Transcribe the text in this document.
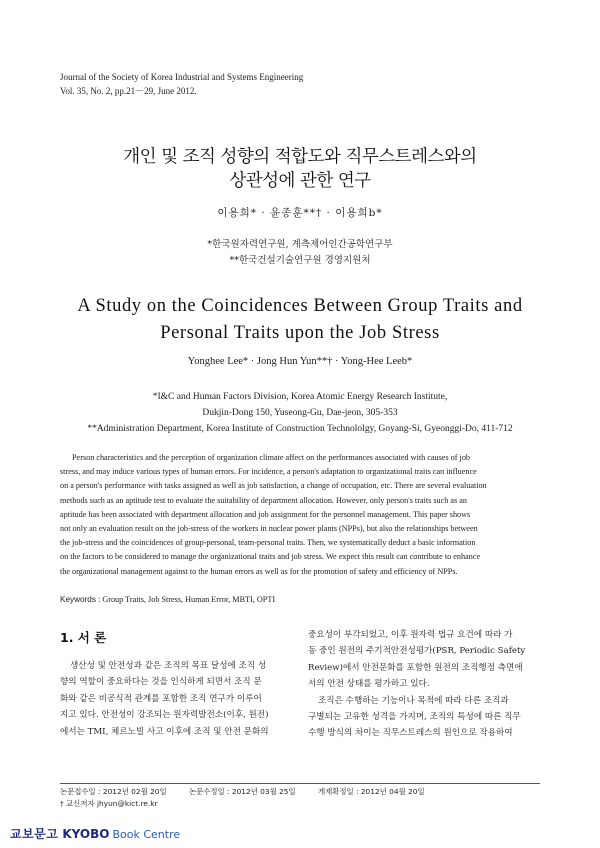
Journal of the Society of Korea Industrial and Systems Engineering
Vol. 35, No. 2, pp.21－29, June 2012.
개인 및 조직 성향의 적합도와 직무스트레스와의
상관성에 관한 연구
이용희* · 윤종훈**† · 이용희b*
*한국원자력연구원, 계측제어인간공학연구부
**한국건설기술연구원 경영지원처
A Study on the Coincidences Between Group Traits and
Personal Traits upon the Job Stress
Yonghee Lee* · Jong Hun Yun**† · Yong-Hee Leeb*
*I&C and Human Factors Division, Korea Atomic Energy Research Institute,
Dukjin-Dong 150, Yuseong-Gu, Dae-jeon, 305-353
**Administration Department, Korea Institute of Construction Technololgy, Goyang-Si, Gyeonggi-Do, 411-712
Person characteristics and the perception of organization climate affect on the performances associated with causes of job
stress, and may induce various types of human errors. For incidence, a person's adaptation to organizational traits can influence
on a person's performance with tasks assigned as well as job satisfaction, a change of occupation, etc. There are several evaluation
methods such as an aptitude test to evaluate the suitability of department allocation. However, only person's traits such as an
aptitude has been associated with department allocation and job assignment for the personnel management. This paper shows
not only an evaluation result on the job-stress of the workers in nuclear power plants (NPPs), but also the relationships between
the job-stress and the coincidences of group-personal, team-personal traits. Then, we systematically deduct a basic information
on the factors to be considered to manage the organizational traits and job stress. We expect this result can contribute to enhance
the organizational management against to the human errors as well as for the promotion of safety and efficiency of NPPs.
Keywords : Group Traits, Job Stress, Human Error, MBTI, OPTI
1. 서 론
생산성 및 안전성과 같은 조직의 목표 달성에 조직 성
향의 역할이 중요하다는 것을 인식하게 되면서 조직 문
화와 같은 비공식적 관계를 포함한 조직 연구가 이루어
지고 있다. 안전성이 강조되는 원자력발전소(이후, 원전)
에서는 TMI, 체르노빌 사고 이후에 조직 및 안전 문화의
중요성이 부각되었고, 이후 원자력 법규 요건에 따라 가
동 중인 원전의 주기적안전성평가(PSR, Periodic Safety
Review)에서 안전문화를 포함한 원전의 조직행정 측면에
서의 안전 상태를 평가하고 있다.
조직은 수행하는 기능이나 목적에 따라 다른 조직과
구별되는 고유한 성격을 가지며, 조직의 특성에 따른 직무
수행 방식의 차이는 직무스트레스의 원인으로 작용하여
논문접수일 : 2012년 02월 20일	논문수정일 : 2012년 03월 25일	게재확정일 : 2012년 04월 20일
† 교신저자 jhyun@kict.re.kr
교보문고 KYOBO Book Centre
